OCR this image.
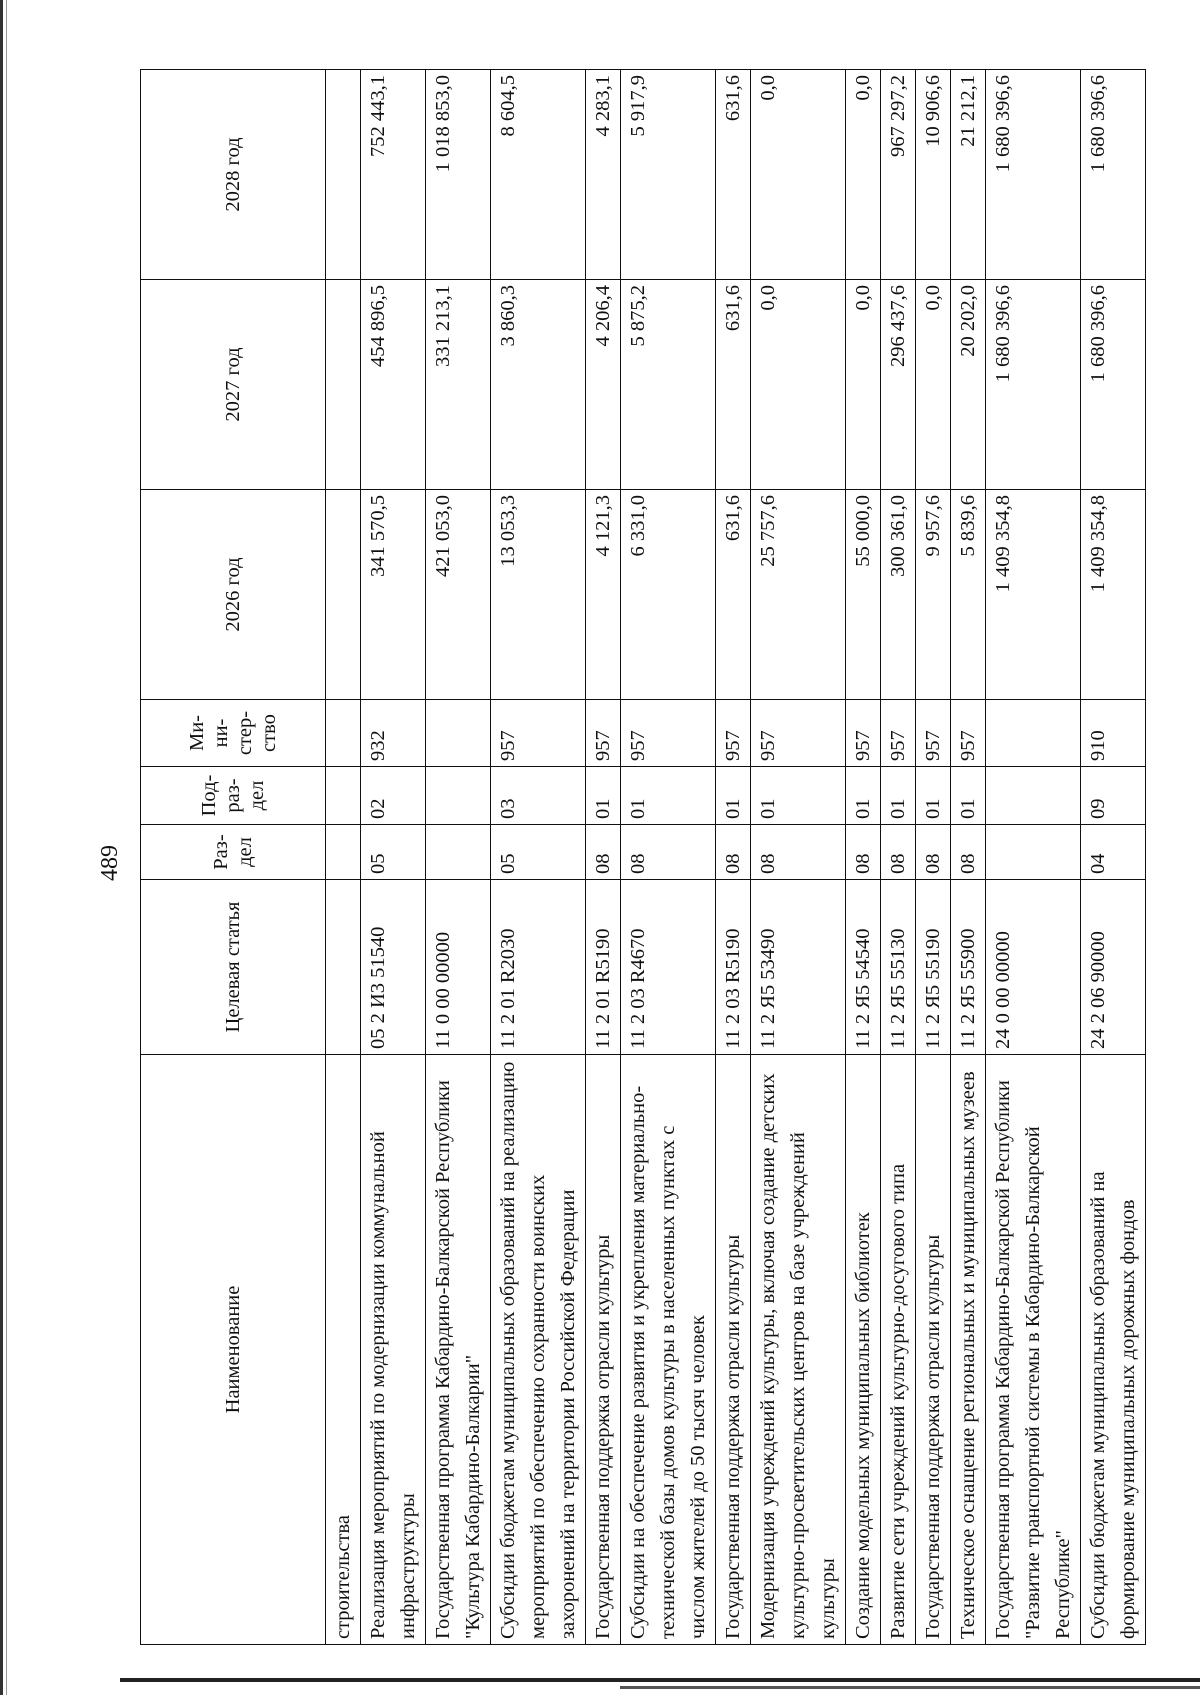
489
Наименование	Целевая статья	Раз- дел	Под- раз- дел	Ми- ни- стер- ство	2026 год	2027 год	2028 год
строительства							
Реализация мероприятий по модернизации коммунальной инфраструктуры	05 2 И3 51540	05	02	932	341 570,5	454 896,5	752 443,1
Государственная программа Кабардино-Балкарской Республики "Культура Кабардино-Балкарии"	11 0 00 00000				421 053,0	331 213,1	1 018 853,0
Субсидии бюджетам муниципальных образований на реализацию мероприятий по обеспечению сохранности воинских захоронений на территории Российской Федерации	11 2 01 R2030	05	03	957	13 053,3	3 860,3	8 604,5
Государственная поддержка отрасли культуры	11 2 01 R5190	08	01	957	4 121,3	4 206,4	4 283,1
Субсидии на обеспечение развития и укрепления материально-технической базы домов культуры в населенных пунктах с числом жителей до 50 тысяч человек	11 2 03 R4670	08	01	957	6 331,0	5 875,2	5 917,9
Государственная поддержка отрасли культуры	11 2 03 R5190	08	01	957	631,6	631,6	631,6
Модернизация учреждений культуры, включая создание детских культурно-просветительских центров на базе учреждений культуры	11 2 Я5 53490	08	01	957	25 757,6	0,0	0,0
Создание модельных муниципальных библиотек	11 2 Я5 54540	08	01	957	55 000,0	0,0	0,0
Развитие сети учреждений культурно-досугового типа	11 2 Я5 55130	08	01	957	300 361,0	296 437,6	967 297,2
Государственная поддержка отрасли культуры	11 2 Я5 55190	08	01	957	9 957,6	0,0	10 906,6
Техническое оснащение региональных и муниципальных музеев	11 2 Я5 55900	08	01	957	5 839,6	20 202,0	21 212,1
Государственная программа Кабардино-Балкарской Республики "Развитие транспортной системы в Кабардино-Балкарской Республике"	24 0 00 00000				1 409 354,8	1 680 396,6	1 680 396,6
Субсидии бюджетам муниципальных образований на формирование муниципальных дорожных фондов	24 2 06 90000	04	09	910	1 409 354,8	1 680 396,6	1 680 396,6
